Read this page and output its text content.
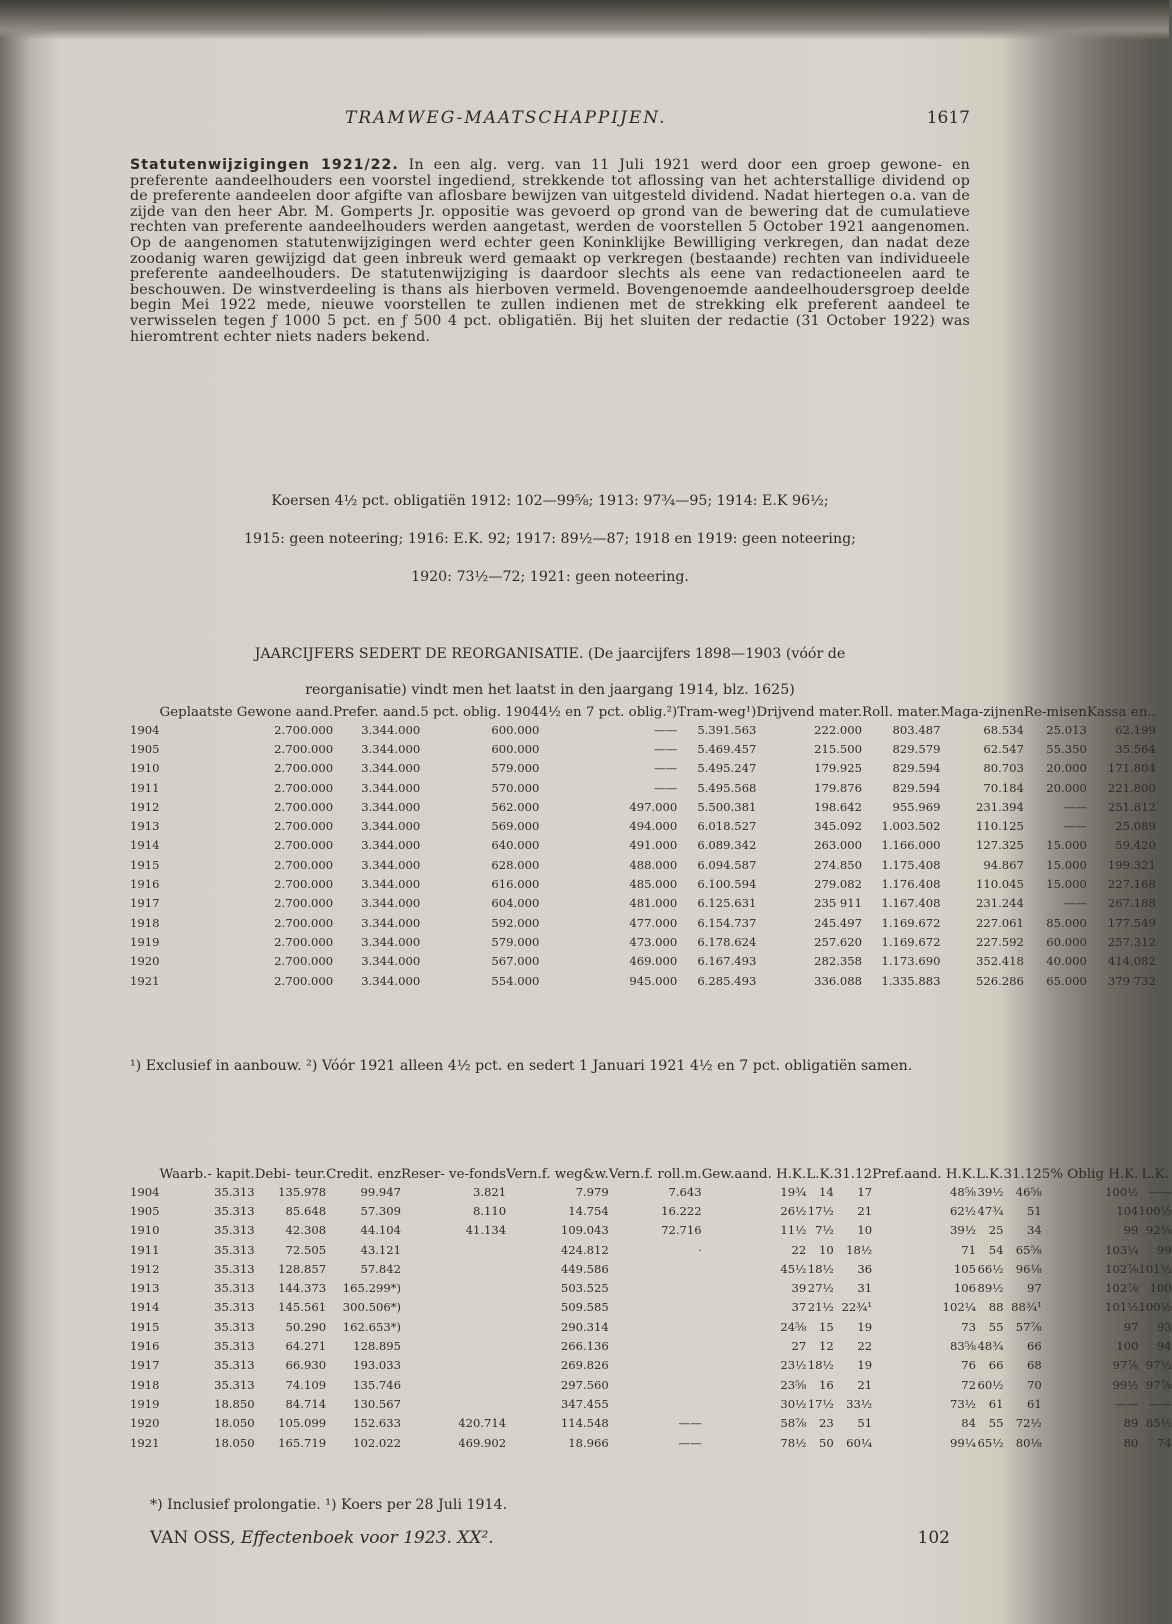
TRAMWEG-MAATSCHAPPIJEN.	1617
Statutenwijzigingen 1921/22. In een alg. verg. van 11 Juli 1921 werd door een groep gewone- en preferente aandeelhouders een voorstel ingediend, strekkende tot aflossing van het achterstallige dividend op de preferente aandeelen door afgifte van aflosbare bewijzen van uitgesteld dividend. Nadat hiertegen o.a. van de zijde van den heer Abr. M. Gomperts Jr. oppositie was gevoerd op grond van de bewering dat de cumulatieve rechten van preferente aandeelhouders werden aangetast, werden de voorstellen 5 October 1921 aangenomen. Op de aangenomen statutenwijzigingen werd echter geen Koninklijke Bewilliging verkregen, dan nadat deze zoodanig waren gewijzigd dat geen inbreuk werd gemaakt op verkregen (bestaande) rechten van individueele preferente aandeelhouders. De statutenwijziging is daardoor slechts als eene van redactioneelen aard te beschouwen. De winstverdeeling is thans als hierboven vermeld. Bovengenoemde aandeelhoudersgroep deelde begin Mei 1922 mede, nieuwe voorstellen te zullen indienen met de strekking elk preferent aandeel te verwisselen tegen ƒ 1000 5 pct. en ƒ 500 4 pct. obligatiën. Bij het sluiten der redactie (31 October 1922) was hieromtrent echter niets naders bekend.
Koersen 4½ pct. obligatiën 1912: 102—99⅝; 1913: 97¾—95; 1914: E.K 96½;
1915: geen noteering; 1916: E.K. 92; 1917: 89½—87; 1918 en 1919: geen noteering;
1920: 73½—72; 1921: geen noteering.
JAARCIJFERS SEDERT DE REORGANISATIE. (De jaarcijfers 1898—1903 (vóór de
reorganisatie) vindt men het laatst in den jaargang 1914, blz. 1625)
	Geplaatste Gewone aand.	Prefer. aand.	5 pct. oblig. 1904	4½ en 7 pct. oblig.²)	Tram-weg¹)	Drijvend mater.	Roll. mater.	Maga-zijnen	Re-misen	Kassa en..
1904	2.700.000	3.344.000	600.000	——	5.391.563	222.000	803.487	68.534	25.013	62.199
1905	2.700.000	3.344.000	600.000	——	5.469.457	215.500	829.579	62.547	55.350	35.564
1910	2.700.000	3.344.000	579.000	——	5.495.247	179.925	829.594	80.703	20.000	171.804
1911	2.700.000	3.344.000	570.000	——	5.495.568	179.876	829.594	70.184	20.000	221.800
1912	2.700.000	3.344.000	562.000	497.000	5.500.381	198.642	955.969	231.394	——	251.812
1913	2.700.000	3.344.000	569.000	494.000	6.018.527	345.092	1.003.502	110.125	——	25.089
1914	2.700.000	3.344.000	640.000	491.000	6.089.342	263.000	1.166.000	127.325	15.000	59.420
1915	2.700.000	3.344.000	628.000	488.000	6.094.587	274.850	1.175.408	94.867	15.000	199.321
1916	2.700.000	3.344.000	616.000	485.000	6.100.594	279.082	1.176.408	110.045	15.000	227.168
1917	2.700.000	3.344.000	604.000	481.000	6.125.631	235 911	1.167.408	231.244	——	267.188
1918	2.700.000	3.344.000	592.000	477.000	6.154.737	245.497	1.169.672	227.061	85.000	177.549
1919	2.700.000	3.344.000	579.000	473.000	6.178.624	257.620	1.169.672	227.592	60.000	257.312
1920	2.700.000	3.344.000	567.000	469.000	6.167.493	282.358	1.173.690	352.418	40.000	414.082
1921	2.700.000	3.344.000	554.000	945.000	6.285.493	336.088	1.335.883	526.286	65.000	379 732
¹) Exclusief in aanbouw. ²) Vóór 1921 alleen 4½ pct. en sedert 1 Januari 1921 4½ en 7 pct. obligatiën samen.
	Waarb.- kapit.	Debi- teur.	Credit. enz	Reser- ve-fonds	Vern.f. weg&w.	Vern.f. roll.m.	Gew.aand. H.K.	L.K.	31.12	Pref.aand. H.K.	L.K.	31.12	5% Oblig H.K.	L.K.
1904	35.313	135.978	99.947	3.821	7.979	7.643	19¾	14	17	48⅝	39½	46⅝	100½	——
1905	35.313	85.648	57.309	8.110	14.754	16.222	26½	17½	21	62½	47¾	51	104	100⅓
1910	35.313	42.308	44.104	41.134	109.043	72.716	11½	7½	10	39½	25	34	99	92⅛
1911	35.313	72.505	43.121		424.812	·	22	10	18½	71	54	65⅝	103¼	99
1912	35.313	128.857	57.842		449.586		45½	18½	36	105	66½	96⅛	102⅞	101½
1913	35.313	144.373	165.299*)		503.525		39	27½	31	106	89½	97	102⅞	100
1914	35.313	145.561	300.506*)		509.585		37	21½	22¾¹	102¼	88	88¾¹	101½	100½
1915	35.313	50.290	162.653*)		290.314		24⅝	15	19	73	55	57⅞	97	93
1916	35.313	64.271	128.895		266.136		27	12	22	83⅝	48¾	66	100	94
1917	35.313	66.930	193.033		269.826		23½	18½	19	76	66	68	97⅞	97½
1918	35.313	74.109	135.746		297.560		23⅝	16	21	72	60½	70	99½	97⅞
1919	18.850	84.714	130.567		347.455		30½	17½	33½	73½	61	61	——	——
1920	18.050	105.099	152.633	420.714	114.548	——	58⅞	23	51	84	55	72½	89	85½
1921	18.050	165.719	102.022	469.902	18.966	——	78½	50	60¼	99¼	65½	80⅛	80	74
*) Inclusief prolongatie. ¹) Koers per 28 Juli 1914.
VAN OSS, Effectenboek voor 1923. XX².	102
